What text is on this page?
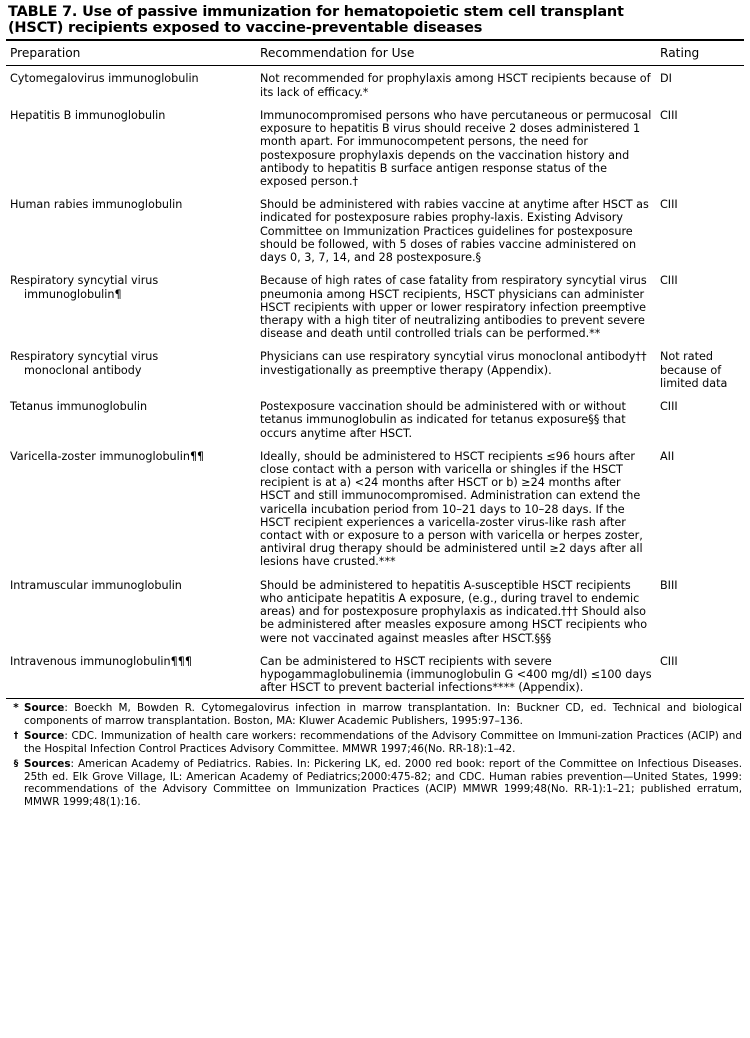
TABLE 7. Use of passive immunization for hematopoietic stem cell transplant
(HSCT) recipients exposed to vaccine-preventable diseases
Preparation	Recommendation for Use	Rating
Cytomegalovirus immunoglobulin	Not recommended for prophylaxis among HSCT recipients because of its lack of efficacy.*	DI
Hepatitis B immunoglobulin	Immunocompromised persons who have percutaneous or permucosal exposure to hepatitis B virus should receive 2 doses administered 1 month apart. For immunocompetent persons, the need for postexposure prophylaxis depends on the vaccination history and antibody to hepatitis B surface antigen response status of the exposed person.†	CIII
Human rabies immunoglobulin	Should be administered with rabies vaccine at anytime after HSCT as indicated for postexposure rabies prophy-laxis. Existing Advisory Committee on Immunization Practices guidelines for postexposure should be followed, with 5 doses of rabies vaccine administered on days 0, 3, 7, 14, and 28 postexposure.§	CIII
Respiratory syncytial virus
immunoglobulin¶	Because of high rates of case fatality from respiratory syncytial virus pneumonia among HSCT recipients, HSCT physicians can administer HSCT recipients with upper or lower respiratory infection preemptive therapy with a high titer of neutralizing antibodies to prevent severe disease and death until controlled trials can be performed.**	CIII
Respiratory syncytial virus
monoclonal antibody	Physicians can use respiratory syncytial virus monoclonal antibody†† investigationally as preemptive therapy (Appendix).	Not rated because of limited data
Tetanus immunoglobulin	Postexposure vaccination should be administered with or without tetanus immunoglobulin as indicated for tetanus exposure§§ that occurs anytime after HSCT.	CIII
Varicella-zoster immunoglobulin¶¶	Ideally, should be administered to HSCT recipients ≤96 hours after close contact with a person with varicella or shingles if the HSCT recipient is at a) <24 months after HSCT or b) ≥24 months after HSCT and still immunocompromised. Administration can extend the varicella incubation period from 10–21 days to 10–28 days. If the HSCT recipient experiences a varicella-zoster virus-like rash after contact with or exposure to a person with varicella or herpes zoster, antiviral drug therapy should be administered until ≥2 days after all lesions have crusted.***	AII
Intramuscular immunoglobulin	Should be administered to hepatitis A-susceptible HSCT recipients who anticipate hepatitis A exposure, (e.g., during travel to endemic areas) and for postexposure prophylaxis as indicated.††† Should also be administered after measles exposure among HSCT recipients who were not vaccinated against measles after HSCT.§§§	BIII
Intravenous immunoglobulin¶¶¶	Can be administered to HSCT recipients with severe hypogammaglobulinemia (immunoglobulin G <400 mg/dl) ≤100 days after HSCT to prevent bacterial infections**** (Appendix).	CIII
* Source: Boeckh M, Bowden R. Cytomegalovirus infection in marrow transplantation. In: Buckner CD, ed. Technical and biological components of marrow transplantation. Boston, MA: Kluwer Academic Publishers, 1995:97–136.
† Source: CDC. Immunization of health care workers: recommendations of the Advisory Committee on Immuni-zation Practices (ACIP) and the Hospital Infection Control Practices Advisory Committee. MMWR 1997;46(No. RR-18):1–42.
§ Sources: American Academy of Pediatrics. Rabies. In: Pickering LK, ed. 2000 red book: report of the Committee on Infectious Diseases. 25th ed. Elk Grove Village, IL: American Academy of Pediatrics;2000:475-82; and CDC. Human rabies prevention—United States, 1999: recommendations of the Advisory Committee on Immunization Practices (ACIP) MMWR 1999;48(No. RR-1):1–21; published erratum, MMWR 1999;48(1):16.
